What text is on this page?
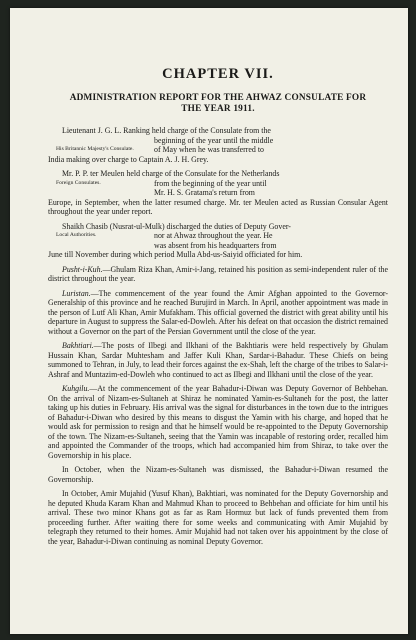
CHAPTER VII.
ADMINISTRATION REPORT FOR THE AHWAZ CONSULATE FOR
THE YEAR 1911.
Lieutenant J. G. L. Ranking held charge of the Consulate from the
beginning of the year until the middle
His Britannic Majesty's Consulate.	of May when he was transferred to
India making over charge to Captain A. J. H. Grey.
Mr. P. P. ter Meulen held charge of the Consulate for the Netherlands
Foreign Consulates.	from the beginning of the year until
Mr. H. S. Gratama's return from
Europe, in September, when the latter resumed charge. Mr. ter Meulen acted as Russian Consular Agent throughout the year under report.
Shaikh Chasib (Nusrat-ul-Mulk) discharged the duties of Deputy Gover-
Local Authorities.	nor at Ahwaz throughout the year. He
was absent from his headquarters from
June till November during which period Mulla Abd-us-Saiyid officiated for him.

Pusht-i-Kuh.—Ghulam Riza Khan, Amir-i-Jang, retained his position as semi-independent ruler of the district throughout the year.

Luristan.—The commencement of the year found the Amir Afghan appointed to the Governor-Generalship of this province and he reached Burujird in March. In April, another appointment was made in the person of Lutf Ali Khan, Amir Mufakham. This official governed the district with great ability until his departure in August to suppress the Salar-ed-Dowleh. After his defeat on that occasion the district remained without a Governor on the part of the Persian Government until the close of the year.

Bakhtiari.—The posts of Ilbegi and Ilkhani of the Bakhtiaris were held respectively by Ghulam Hussain Khan, Sardar Muhtesham and Jaffer Kuli Khan, Sardar-i-Bahadur. These Chiefs on being summoned to Tehran, in July, to lead their forces against the ex-Shah, left the charge of the tribes to Salar-i-Ashraf and Muntazim-ed-Dowleh who continued to act as Ilbegi and Ilkhani until the close of the year.

Kuhgilu.—At the commencement of the year Bahadur-i-Diwan was Deputy Governor of Behbehan. On the arrival of Nizam-es-Sultaneh at Shiraz he nominated Yamin-es-Sultaneh for the post, the latter taking up his duties in February. His arrival was the signal for disturbances in the town due to the intrigues of Bahadur-i-Diwan who desired by this means to disgust the Yamin with his charge, and hoped that he would ask for permission to resign and that he himself would be re-appointed to the Deputy Governorship of the town. The Nizam-es-Sultaneh, seeing that the Yamin was incapable of restoring order, recalled him and appointed the Commander of the troops, which had accompanied him from Shiraz, to take over the Governorship in his place.

In October, when the Nizam-es-Sultaneh was dismissed, the Bahadur-i-Diwan resumed the Governorship.

In October, Amir Mujahid (Yusuf Khan), Bakhtiari, was nominated for the Deputy Governorship and he deputed Khuda Karam Khan and Mahmud Khan to proceed to Behbehan and officiate for him until his arrival. These two minor Khans got as far as Ram Hormuz but lack of funds prevented them from proceeding further. After waiting there for some weeks and communicating with Amir Mujahid by telegraph they returned to their homes. Amir Mujahid had not taken over his appointment by the close of the year, Bahadur-i-Diwan continuing as nominal Deputy Governor.
